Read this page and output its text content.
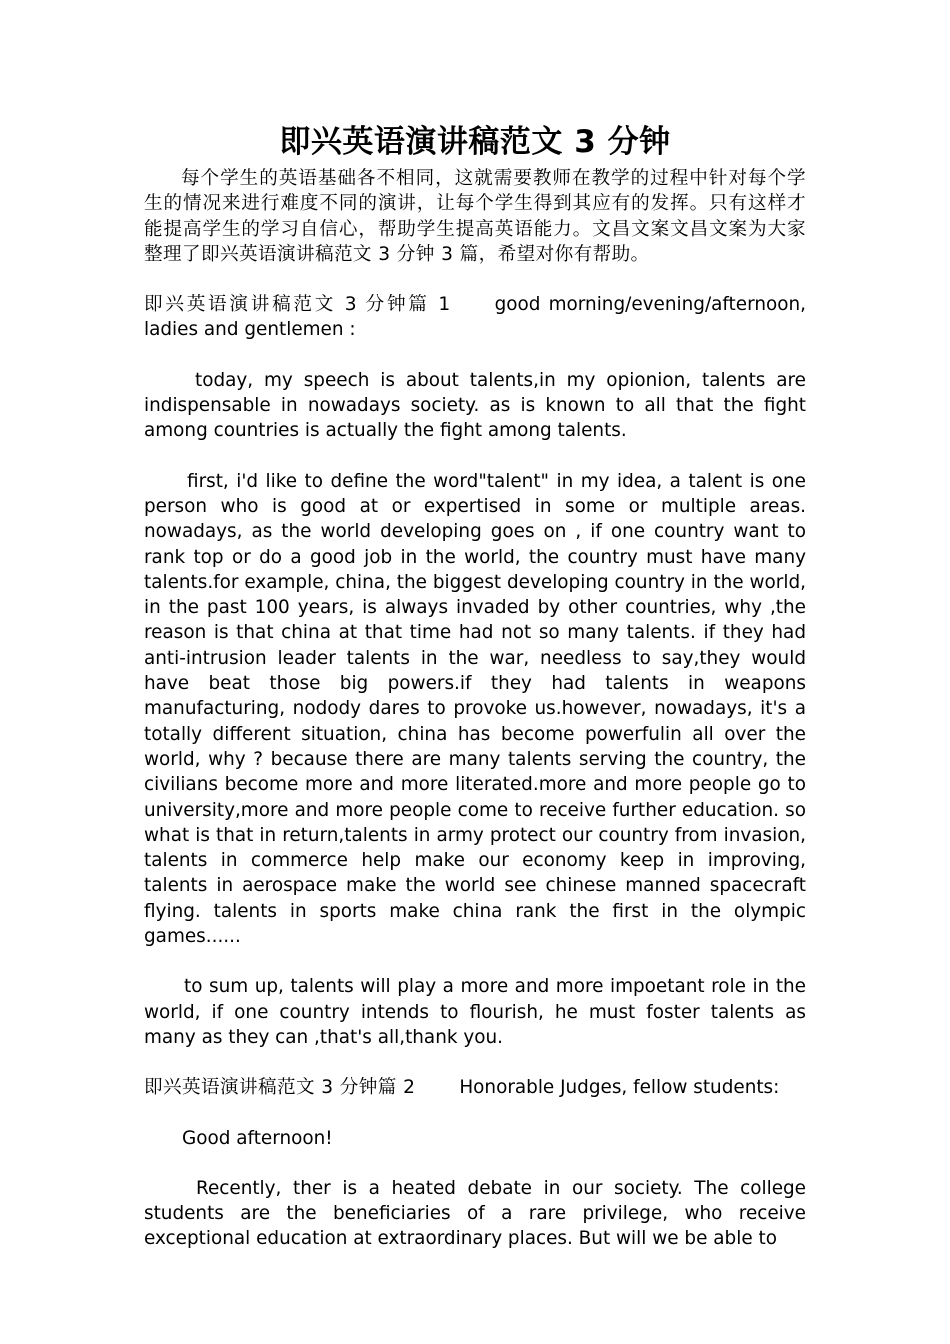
即兴英语演讲稿范文 3 分钟

每个学生的英语基础各不相同，这就需要教师在教学的过程中针对每个学生的情况来进行难度不同的演讲，让每个学生得到其应有的发挥。只有这样才能提高学生的学习自信心，帮助学生提高英语能力。文昌文案文昌文案为大家整理了即兴英语演讲稿范文 3 分钟 3 篇，希望对你有帮助。

即兴英语演讲稿范文 3 分钟篇 1 good morning/evening/afternoon, ladies and gentlemen :

today, my speech is about talents,in my opionion, talents are indispensable in nowadays society. as is known to all that the fight among countries is actually the fight among talents.

first, i'd like to define the word"talent" in my idea, a talent is one person who is good at or expertised in some or multiple areas. nowadays, as the world developing goes on , if one country want to rank top or do a good job in the world, the country must have many talents.for example, china, the biggest developing country in the world, in the past 100 years, is always invaded by other countries, why ,the reason is that china at that time had not so many talents. if they had anti-intrusion leader talents in the war, needless to say,they would have beat those big powers.if they had talents in weapons manufacturing, nodody dares to provoke us.however, nowadays, it's a totally different situation, china has become powerfulin all over the world, why ? because there are many talents serving the country, the civilians become more and more literated.more and more people go to university,more and more people come to receive further education. so what is that in return,talents in army protect our country from invasion, talents in commerce help make our economy keep in improving, talents in aerospace make the world see chinese manned spacecraft flying. talents in sports make china rank the first in the olympic games......

to sum up, talents will play a more and more impoetant role in the world, if one country intends to flourish, he must foster talents as many as they can ,that's all,thank you.

即兴英语演讲稿范文 3 分钟篇 2 Honorable Judges, fellow students:

Good afternoon!

Recently, ther is a heated debate in our society. The college students are the beneficiaries of a rare privilege, who receive exceptional education at extraordinary places. But will we be able to
